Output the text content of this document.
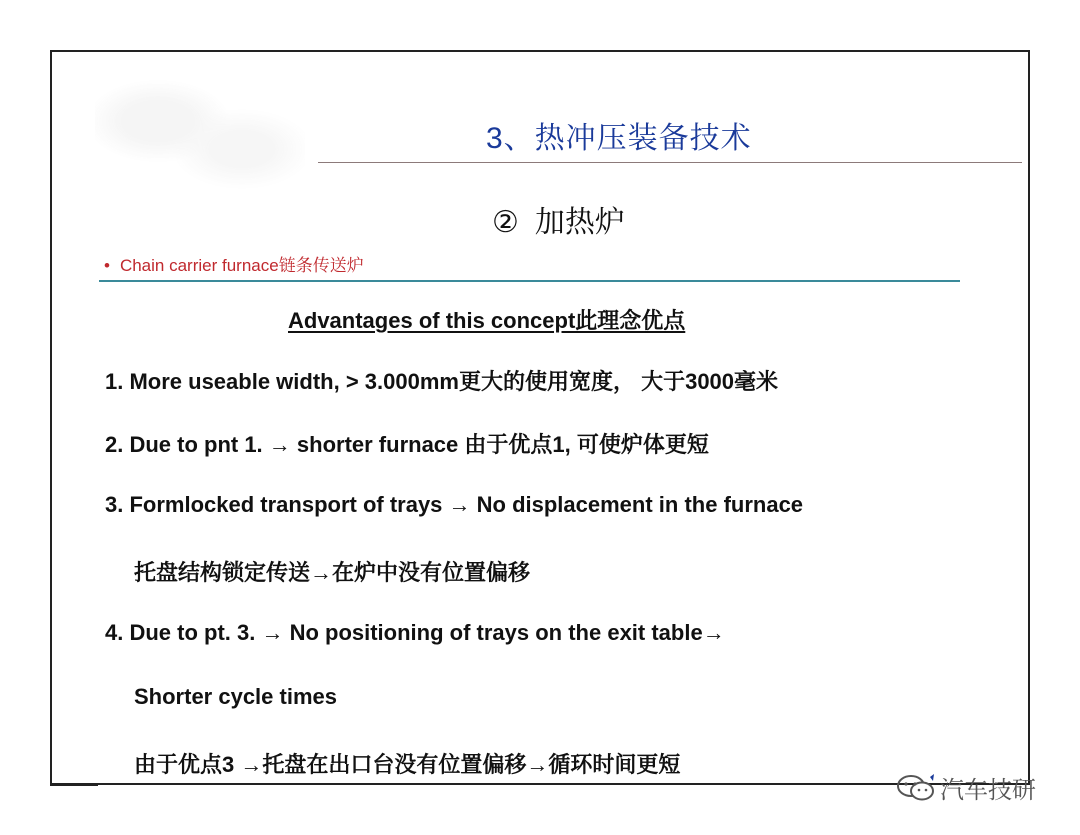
3、热冲压装备技术
② 加热炉
• Chain carrier furnace链条传送炉
Advantages of this concept此理念优点
1. More useable width, > 3.000mm更大的使用宽度， 大于3000毫米
2. Due to pnt 1. → shorter furnace 由于优点1, 可使炉体更短
3. Formlocked transport of trays → No displacement in the furnace
托盘结构锁定传送→在炉中没有位置偏移
4. Due to pt. 3. → No positioning of trays on the exit table→
Shorter cycle times
由于优点3 →托盘在出口台没有位置偏移→循环时间更短
汽车技研
